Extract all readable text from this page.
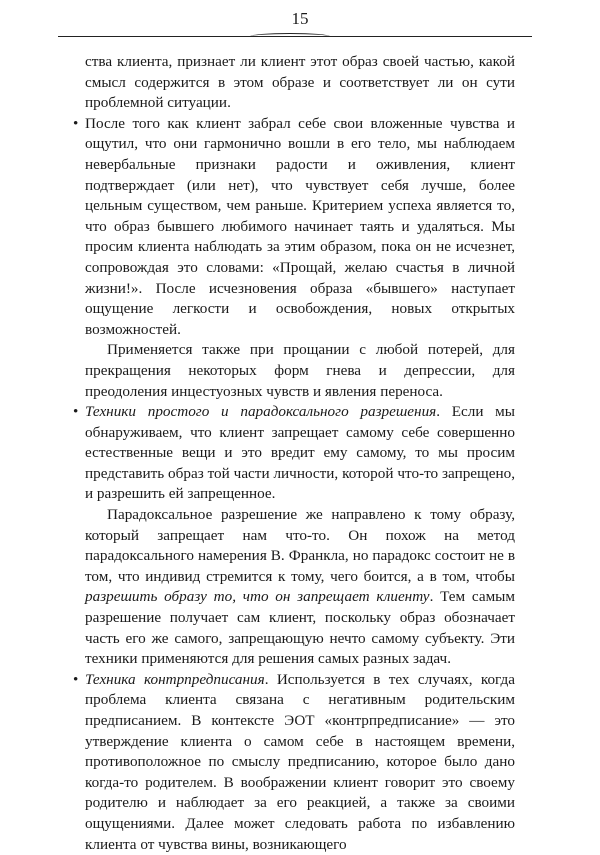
15

ства клиента, признает ли клиент этот образ своей частью, какой смысл содержится в этом образе и соответствует ли он сути проблемной ситуации.

• После того как клиент забрал себе свои вложенные чувства и ощутил, что они гармонично вошли в его тело, мы наблюдаем невербальные признаки радости и оживления, клиент подтверждает (или нет), что чувствует себя лучше, более цельным существом, чем раньше. Критерием успеха является то, что образ бывшего любимого начинает таять и удаляться. Мы просим клиента наблюдать за этим образом, пока он не исчезнет, сопровождая это словами: «Прощай, желаю счастья в личной жизни!». После исчезновения образа «бывшего» наступает ощущение легкости и освобождения, новых открытых возможностей.

Применяется также при прощании с любой потерей, для прекращения некоторых форм гнева и депрессии, для преодоления инцестуозных чувств и явления переноса.

• Техники простого и парадоксального разрешения. Если мы обнаруживаем, что клиент запрещает самому себе совершенно естественные вещи и это вредит ему самому, то мы просим представить образ той части личности, которой что-то запрещено, и разрешить ей запрещенное.

Парадоксальное разрешение же направлено к тому образу, который запрещает нам что-то. Он похож на метод парадоксального намерения В. Франкла, но парадокс состоит не в том, что индивид стремится к тому, чего боится, а в том, чтобы разрешить образу то, что он запрещает клиенту. Тем самым разрешение получает сам клиент, поскольку образ обозначает часть его же самого, запрещающую нечто самому субъекту. Эти техники применяются для решения самых разных задач.

• Техника контрпредписания. Используется в тех случаях, когда проблема клиента связана с негативным родительским предписанием. В контексте ЭОТ «контрпредписание» — это утверждение клиента о самом себе в настоящем времени, противоположное по смыслу предписанию, которое было дано когда-то родителем. В воображении клиент говорит это своему родителю и наблюдает за его реакцией, а также за своими ощущениями. Далее может следовать работа по избавлению клиента от чувства вины, возникающего
